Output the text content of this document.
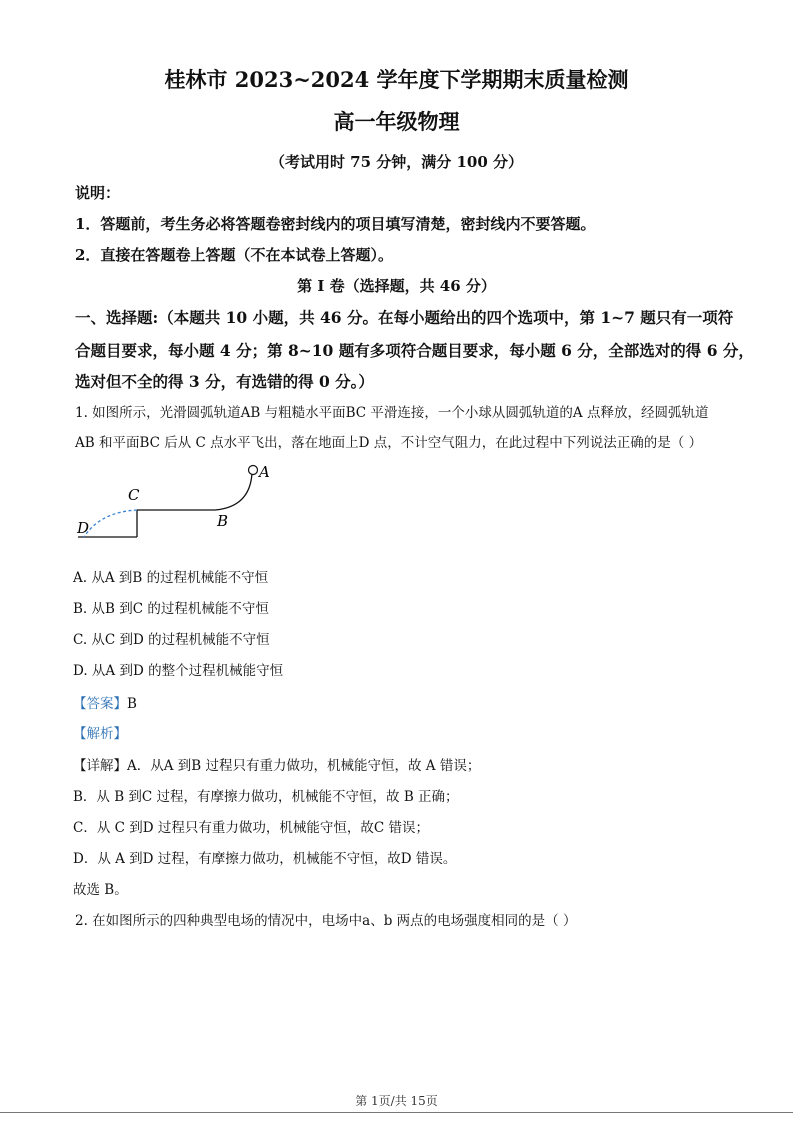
桂林市 2023~2024 学年度下学期期末质量检测
高一年级物理
（考试用时 75 分钟，满分 100 分）
说明：
1．答题前，考生务必将答题卷密封线内的项目填写清楚，密封线内不要答题。
2．直接在答题卷上答题（不在本试卷上答题）。
第 I 卷（选择题，共 46 分）
一、选择题:（本题共 10 小题，共 46 分。在每小题给出的四个选项中，第 1~7 题只有一项符
合题目要求，每小题 4 分；第 8~10 题有多项符合题目要求，每小题 6 分，全部选对的得 6 分，
选对但不全的得 3 分，有选错的得 0 分。）
1. 如图所示，光滑圆弧轨道AB 与粗糙水平面BC 平滑连接，一个小球从圆弧轨道的A 点释放，经圆弧轨道
AB 和平面BC 后从 C 点水平飞出，落在地面上D 点，不计空气阻力，在此过程中下列说法正确的是（ ）
A
B
C
D
A. 从A 到B 的过程机械能不守恒
B. 从B 到C 的过程机械能不守恒
C. 从C 到D 的过程机械能不守恒
D. 从A 到D 的整个过程机械能守恒
【答案】B
【解析】
【详解】A．从A 到B 过程只有重力做功，机械能守恒，故 A 错误；
B．从 B 到C 过程，有摩擦力做功，机械能不守恒，故 B 正确；
C．从 C 到D 过程只有重力做功，机械能守恒，故C 错误；
D．从 A 到D 过程，有摩擦力做功，机械能不守恒，故D 错误。
故选 B。
2. 在如图所示的四种典型电场的情况中，电场中a、b 两点的电场强度相同的是（ ）
第 1页/共 15页
